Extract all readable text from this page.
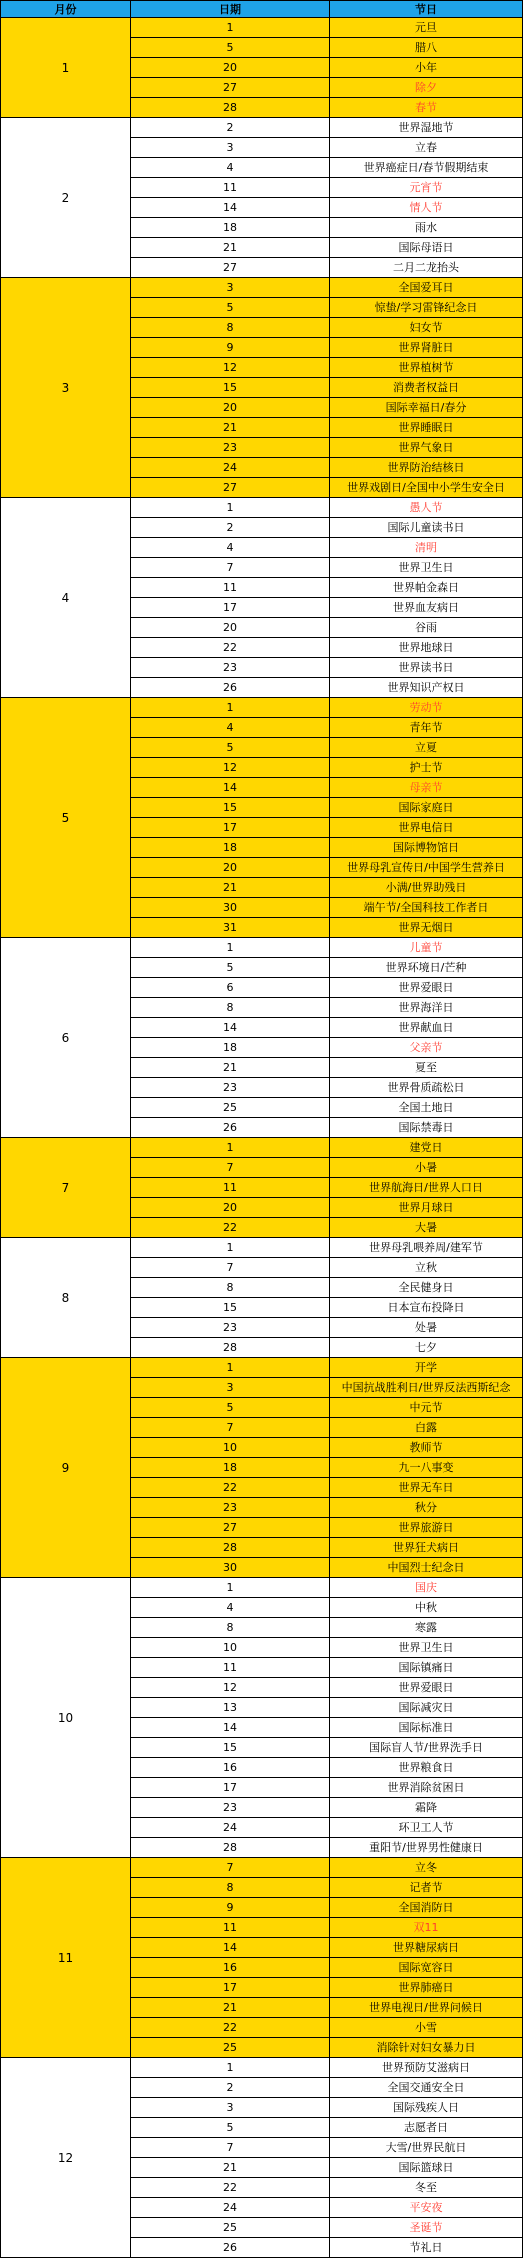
月份	日期	节日
1	1	元旦
	5	腊八
	20	小年
	27	除夕
	28	春节
2	2	世界湿地节
	3	立春
	4	世界癌症日/春节假期结束
	11	元宵节
	14	情人节
	18	雨水
	21	国际母语日
	27	二月二龙抬头
3	3	全国爱耳日
	5	惊蛰/学习雷锋纪念日
	8	妇女节
	9	世界肾脏日
	12	世界植树节
	15	消费者权益日
	20	国际幸福日/春分
	21	世界睡眠日
	23	世界气象日
	24	世界防治结核日
	27	世界戏剧日/全国中小学生安全日
4	1	愚人节
	2	国际儿童读书日
	4	清明
	7	世界卫生日
	11	世界帕金森日
	17	世界血友病日
	20	谷雨
	22	世界地球日
	23	世界读书日
	26	世界知识产权日
5	1	劳动节
	4	青年节
	5	立夏
	12	护士节
	14	母亲节
	15	国际家庭日
	17	世界电信日
	18	国际博物馆日
	20	世界母乳宣传日/中国学生营养日
	21	小满/世界助残日
	30	端午节/全国科技工作者日
	31	世界无烟日
6	1	儿童节
	5	世界环境日/芒种
	6	世界爱眼日
	8	世界海洋日
	14	世界献血日
	18	父亲节
	21	夏至
	23	世界骨质疏松日
	25	全国土地日
	26	国际禁毒日
7	1	建党日
	7	小暑
	11	世界航海日/世界人口日
	20	世界月球日
	22	大暑
8	1	世界母乳喂养周/建军节
	7	立秋
	8	全民健身日
	15	日本宣布投降日
	23	处暑
	28	七夕
9	1	开学
	3	中国抗战胜利日/世界反法西斯纪念
	5	中元节
	7	白露
	10	教师节
	18	九一八事变
	22	世界无车日
	23	秋分
	27	世界旅游日
	28	世界狂犬病日
	30	中国烈士纪念日
10	1	国庆
	4	中秋
	8	寒露
	10	世界卫生日
	11	国际镇痛日
	12	世界爱眼日
	13	国际减灾日
	14	国际标准日
	15	国际盲人节/世界洗手日
	16	世界粮食日
	17	世界消除贫困日
	23	霜降
	24	环卫工人节
	28	重阳节/世界男性健康日
11	7	立冬
	8	记者节
	9	全国消防日
	11	双11
	14	世界糖尿病日
	16	国际宽容日
	17	世界肺癌日
	21	世界电视日/世界问候日
	22	小雪
	25	消除针对妇女暴力日
12	1	世界预防艾滋病日
	2	全国交通安全日
	3	国际残疾人日
	5	志愿者日
	7	大雪/世界民航日
	21	国际篮球日
	22	冬至
	24	平安夜
	25	圣诞节
	26	节礼日
